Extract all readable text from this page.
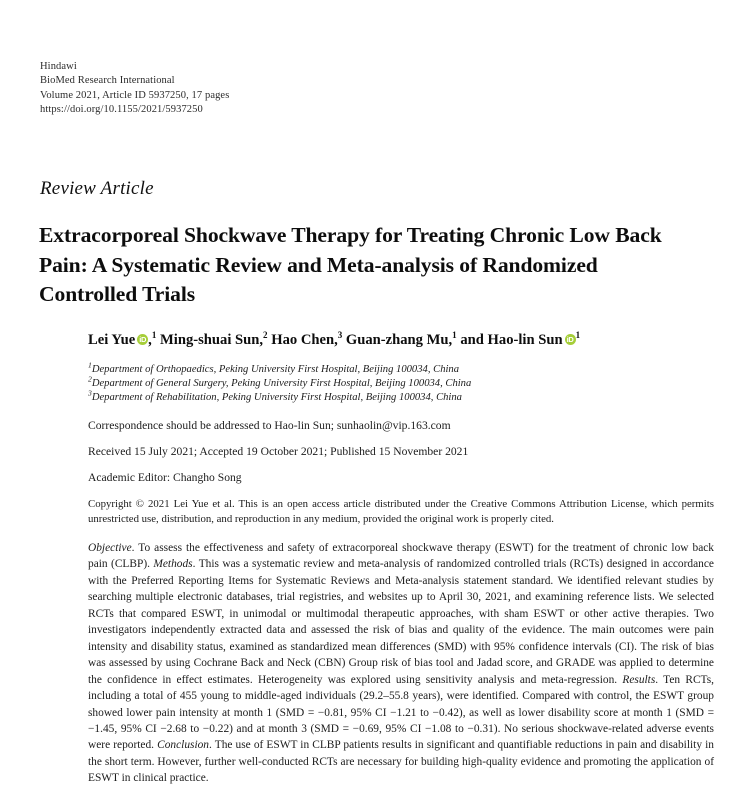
Hindawi
BioMed Research International
Volume 2021, Article ID 5937250, 17 pages
https://doi.org/10.1155/2021/5937250
Review Article
Extracorporeal Shockwave Therapy for Treating Chronic Low Back Pain: A Systematic Review and Meta-analysis of Randomized Controlled Trials
Lei Yue iD ,$^1$ Ming-shuai Sun,$^2$ Hao Chen,$^3$ Guan-zhang Mu,$^1$ and Hao-lin Sun iD $^1$
$^1$Department of Orthopaedics, Peking University First Hospital, Beijing 100034, China
$^2$Department of General Surgery, Peking University First Hospital, Beijing 100034, China
$^3$Department of Rehabilitation, Peking University First Hospital, Beijing 100034, China
Correspondence should be addressed to Hao-lin Sun; sunhaolin@vip.163.com
Received 15 July 2021; Accepted 19 October 2021; Published 15 November 2021
Academic Editor: Changho Song
Copyright © 2021 Lei Yue et al. This is an open access article distributed under the Creative Commons Attribution License, which permits unrestricted use, distribution, and reproduction in any medium, provided the original work is properly cited.
Objective. To assess the effectiveness and safety of extracorporeal shockwave therapy (ESWT) for the treatment of chronic low back pain (CLBP). Methods. This was a systematic review and meta-analysis of randomized controlled trials (RCTs) designed in accordance with the Preferred Reporting Items for Systematic Reviews and Meta-analysis statement standard. We identified relevant studies by searching multiple electronic databases, trial registries, and websites up to April 30, 2021, and examining reference lists. We selected RCTs that compared ESWT, in unimodal or multimodal therapeutic approaches, with sham ESWT or other active therapies. Two investigators independently extracted data and assessed the risk of bias and quality of the evidence. The main outcomes were pain intensity and disability status, examined as standardized mean differences (SMD) with 95% confidence intervals (CI). The risk of bias was assessed by using Cochrane Back and Neck (CBN) Group risk of bias tool and Jadad score, and GRADE was applied to determine the confidence in effect estimates. Heterogeneity was explored using sensitivity analysis and meta-regression. Results. Ten RCTs, including a total of 455 young to middle-aged individuals (29.2–55.8 years), were identified. Compared with control, the ESWT group showed lower pain intensity at month 1 (SMD = −0.81, 95% CI −1.21 to −0.42), as well as lower disability score at month 1 (SMD = −1.45, 95% CI −2.68 to −0.22) and at month 3 (SMD = −0.69, 95% CI −1.08 to −0.31). No serious shockwave-related adverse events were reported. Conclusion. The use of ESWT in CLBP patients results in significant and quantifiable reductions in pain and disability in the short term. However, further well-conducted RCTs are necessary for building high-quality evidence and promoting the application of ESWT in clinical practice.
